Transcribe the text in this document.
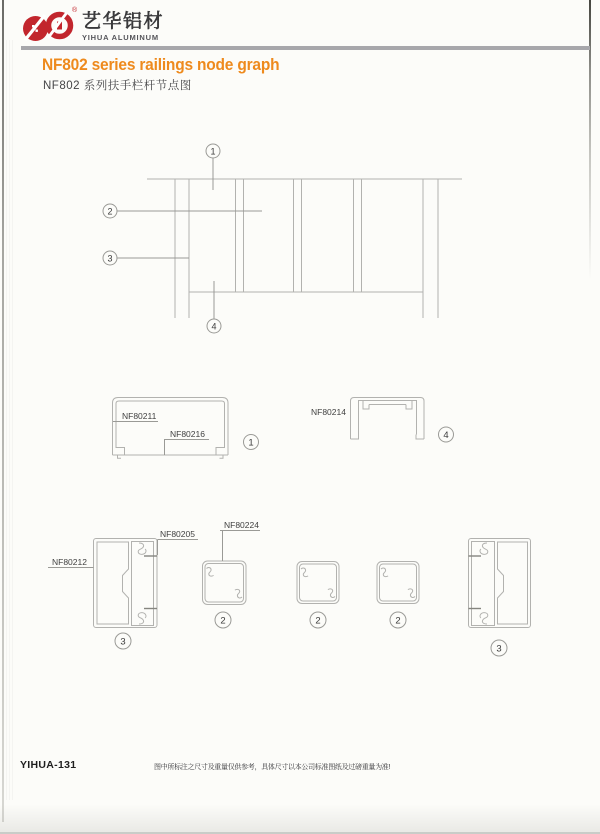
®
艺华铝材
YIHUA ALUMINUM
NF802 series railings node graph
NF802 系列扶手栏杆节点图
1
2
3
4
NF80211
NF80216
1
NF80214
4
NF80212
NF80205
3
NF80224
2	2	2
3
YIHUA-131	图中所标注之尺寸及重量仅供参考，具体尺寸以本公司标准图纸及过磅重量为准!
